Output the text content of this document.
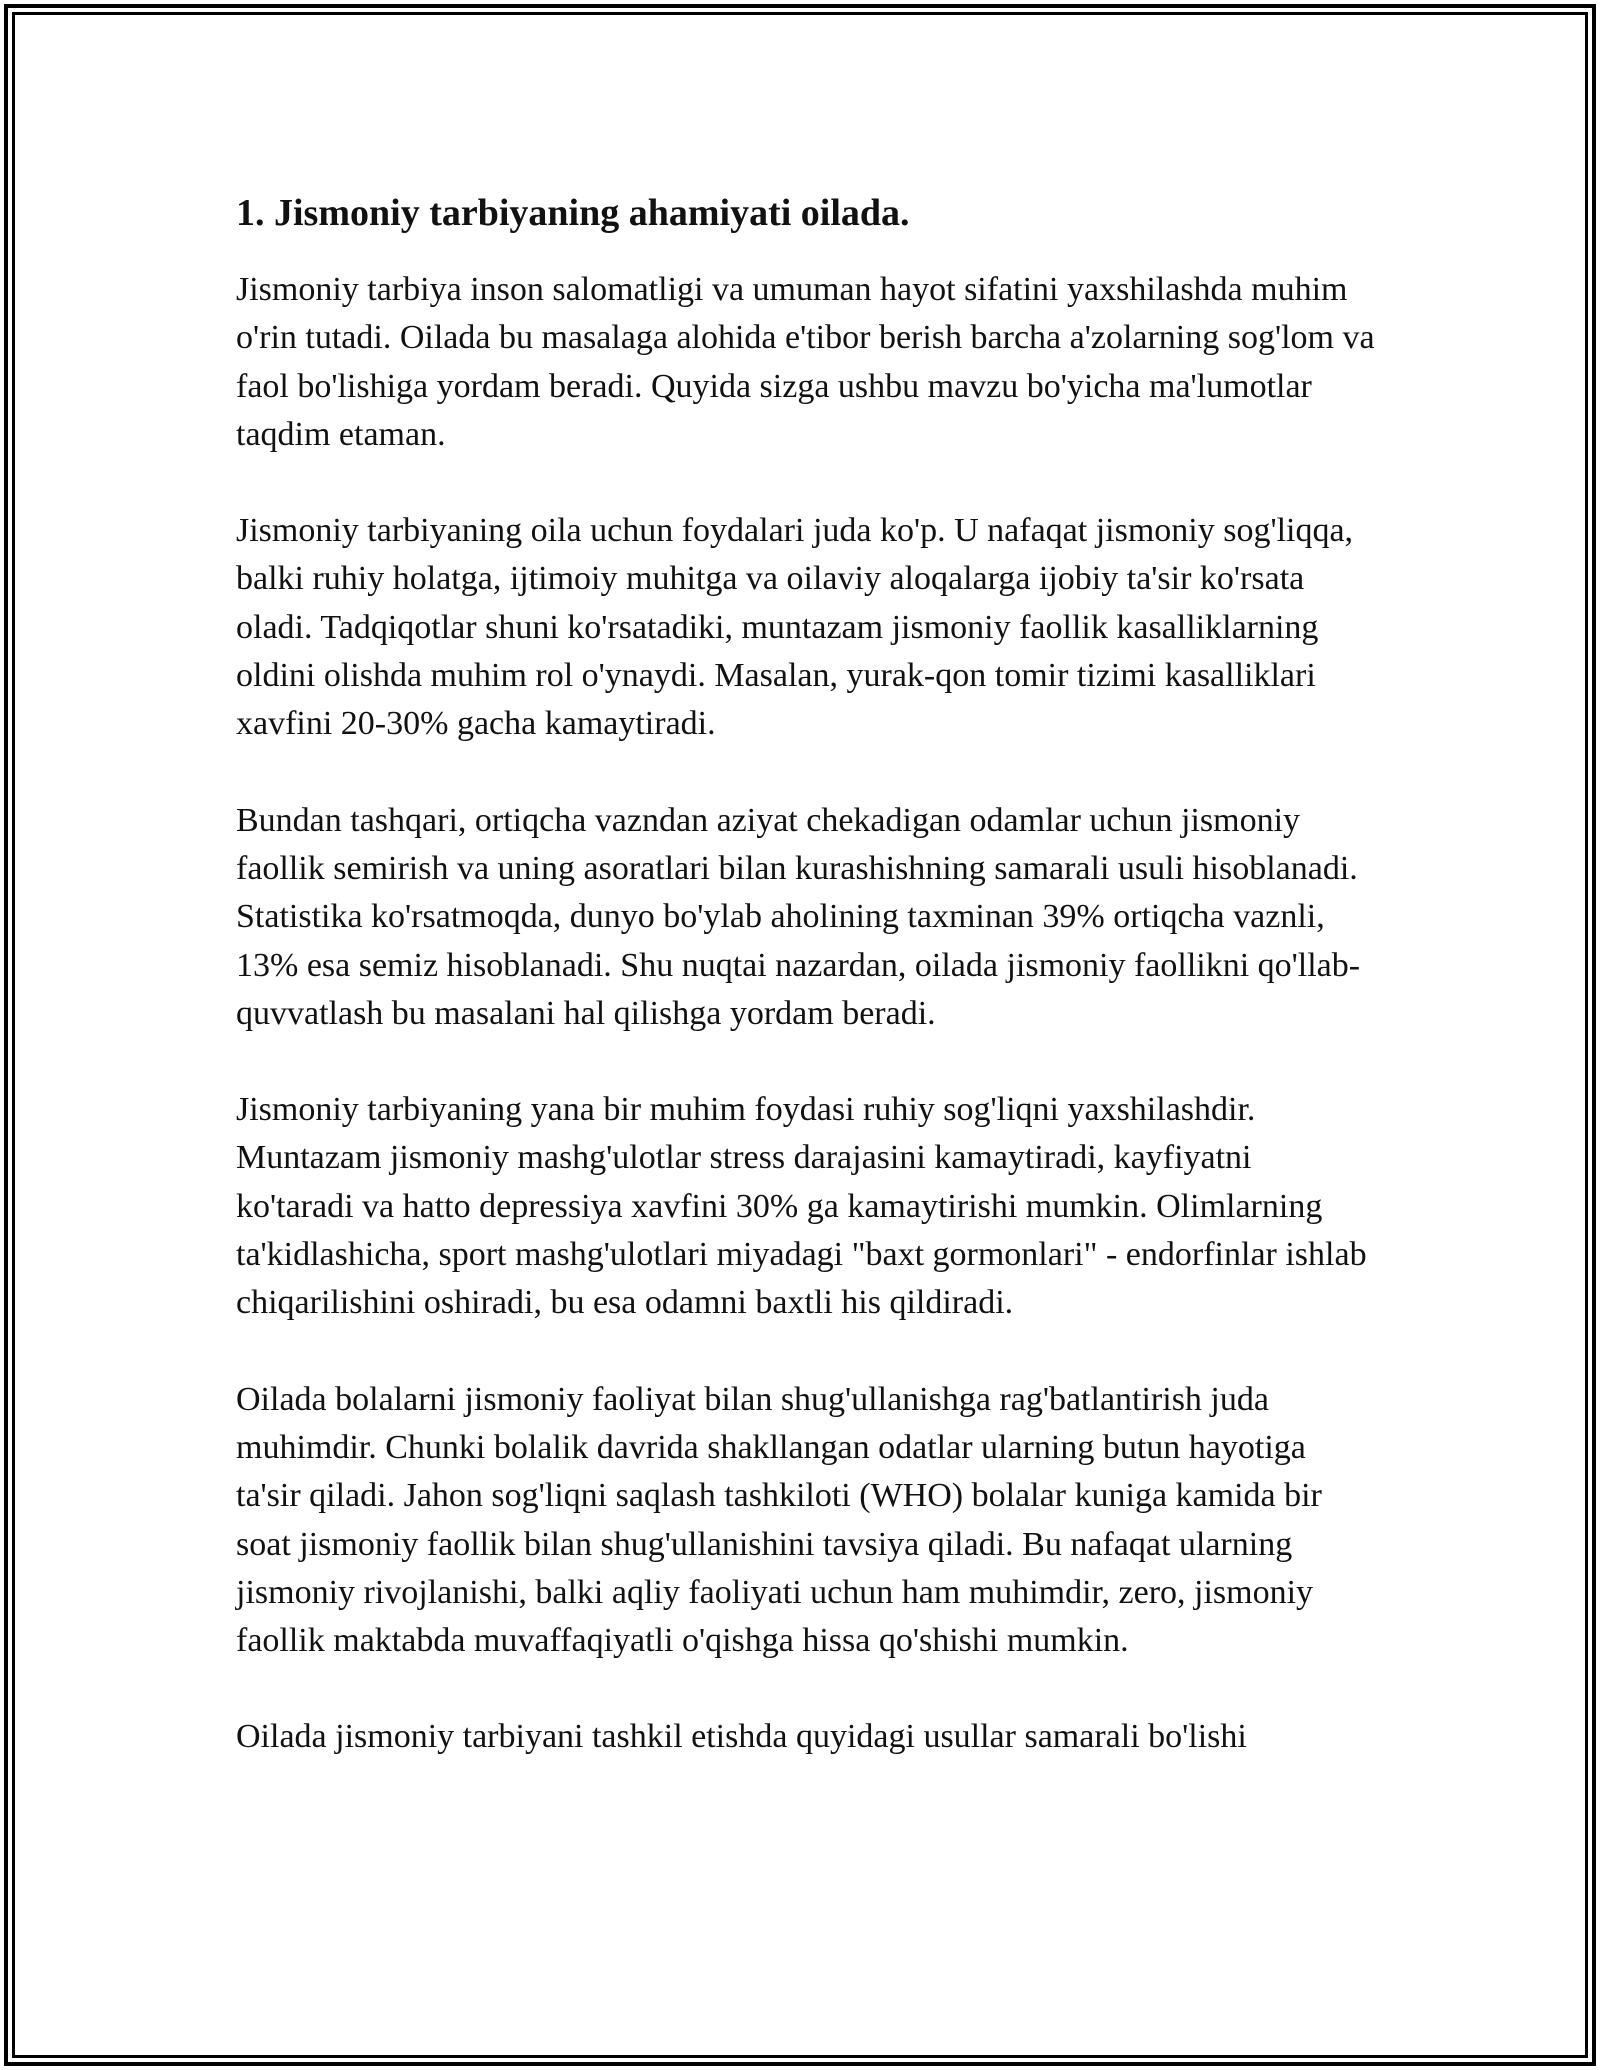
1. Jismoniy tarbiyaning ahamiyati oilada.

Jismoniy tarbiya inson salomatligi va umuman hayot sifatini yaxshilashda muhim o'rin tutadi. Oilada bu masalaga alohida e'tibor berish barcha a'zolarning sog'lom va faol bo'lishiga yordam beradi. Quyida sizga ushbu mavzu bo'yicha ma'lumotlar taqdim etaman.

Jismoniy tarbiyaning oila uchun foydalari juda ko'p. U nafaqat jismoniy sog'liqqa, balki ruhiy holatga, ijtimoiy muhitga va oilaviy aloqalarga ijobiy ta'sir ko'rsata oladi. Tadqiqotlar shuni ko'rsatadiki, muntazam jismoniy faollik kasalliklarning oldini olishda muhim rol o'ynaydi. Masalan, yurak-qon tomir tizimi kasalliklari xavfini 20-30% gacha kamaytiradi.

Bundan tashqari, ortiqcha vazndan aziyat chekadigan odamlar uchun jismoniy faollik semirish va uning asoratlari bilan kurashishning samarali usuli hisoblanadi. Statistika ko'rsatmoqda, dunyo bo'ylab aholining taxminan 39% ortiqcha vaznli, 13% esa semiz hisoblanadi. Shu nuqtai nazardan, oilada jismoniy faollikni qo'llab-quvvatlash bu masalani hal qilishga yordam beradi.

Jismoniy tarbiyaning yana bir muhim foydasi ruhiy sog'liqni yaxshilashdir. Muntazam jismoniy mashg'ulotlar stress darajasini kamaytiradi, kayfiyatni ko'taradi va hatto depressiya xavfini 30% ga kamaytirishi mumkin. Olimlarning ta'kidlashicha, sport mashg'ulotlari miyadagi "baxt gormonlari" - endorfinlar ishlab chiqarilishini oshiradi, bu esa odamni baxtli his qildiradi.

Oilada bolalarni jismoniy faoliyat bilan shug'ullanishga rag'batlantirish juda muhimdir. Chunki bolalik davrida shakllangan odatlar ularning butun hayotiga ta'sir qiladi. Jahon sog'liqni saqlash tashkiloti (WHO) bolalar kuniga kamida bir soat jismoniy faollik bilan shug'ullanishini tavsiya qiladi. Bu nafaqat ularning jismoniy rivojlanishi, balki aqliy faoliyati uchun ham muhimdir, zero, jismoniy faollik maktabda muvaffaqiyatli o'qishga hissa qo'shishi mumkin.

Oilada jismoniy tarbiyani tashkil etishda quyidagi usullar samarali bo'lishi
